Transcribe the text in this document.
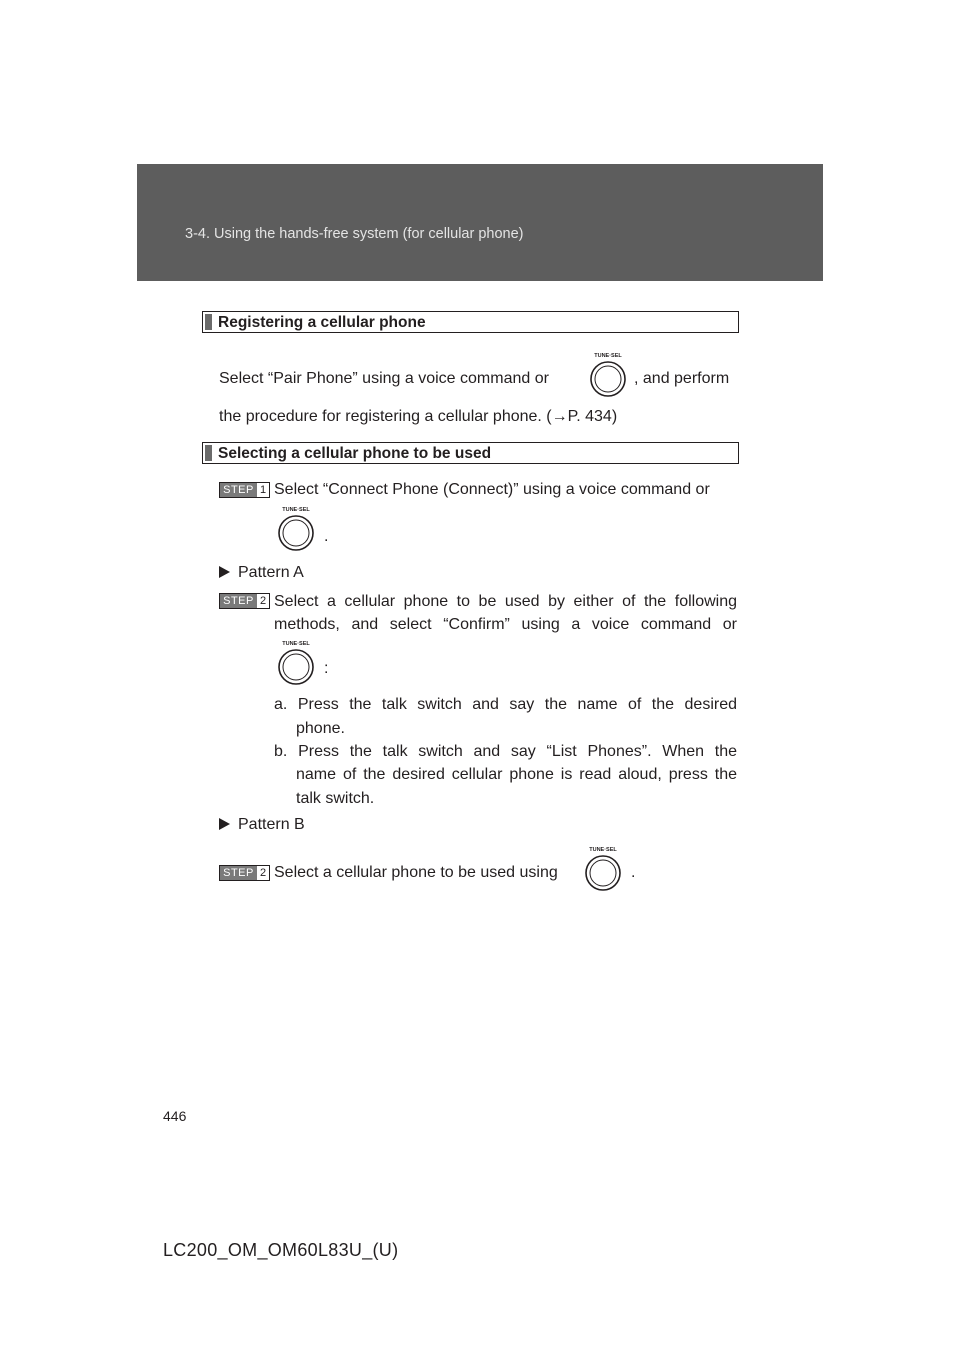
3-4. Using the hands-free system (for cellular phone)
Registering a cellular phone
Select “Pair Phone” using a voice command or
TUNE·SEL
, and perform
the procedure for registering a cellular phone. (→P. 434)
Selecting a cellular phone to be used
STEP 1 Select “Connect Phone (Connect)” using a voice command or
TUNE·SEL
.
Pattern A
STEP 2 Select a cellular phone to be used by either of the following
methods, and select “Confirm” using a voice command or
TUNE·SEL
:
a. Press the talk switch and say the name of the desired
phone.
b. Press the talk switch and say “List Phones”. When the
name of the desired cellular phone is read aloud, press the
talk switch.
Pattern B
STEP 2 Select a cellular phone to be used using
TUNE·SEL
.
446
LC200_OM_OM60L83U_(U)
